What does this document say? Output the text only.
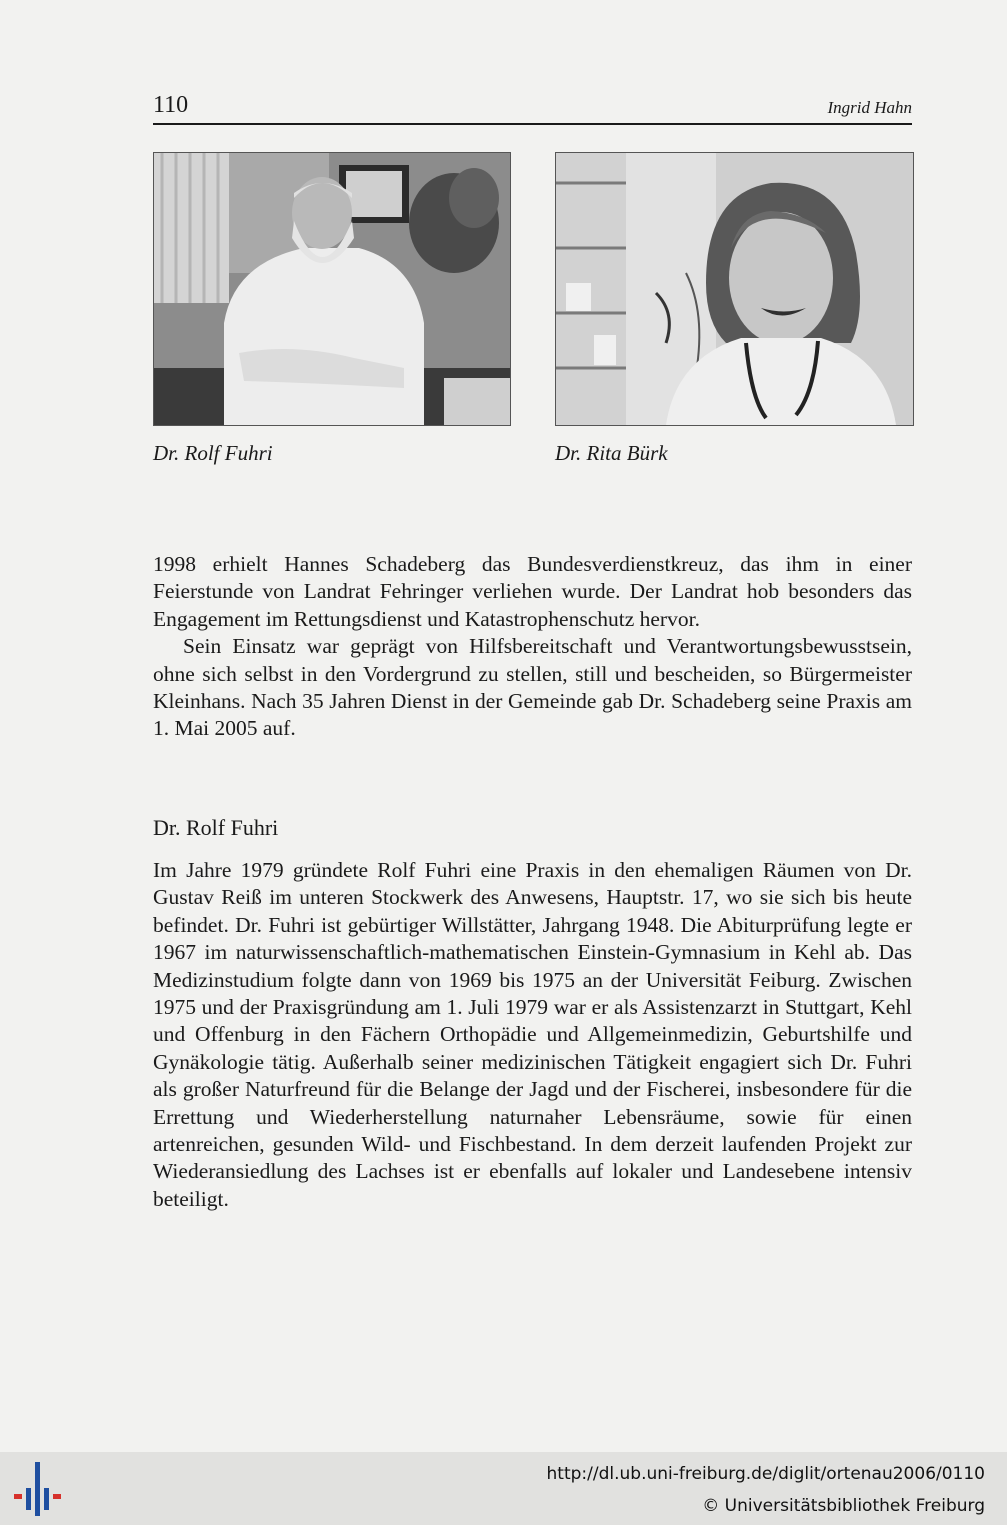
110	Ingrid Hahn
Dr. Rolf Fuhri	Dr. Rita Bürk

1998 erhielt Hannes Schadeberg das Bundesverdienstkreuz, das ihm in einer Feierstunde von Landrat Fehringer verliehen wurde. Der Landrat hob besonders das Engagement im Rettungsdienst und Katastrophenschutz hervor.

Sein Einsatz war geprägt von Hilfsbereitschaft und Verantwortungsbewusstsein, ohne sich selbst in den Vordergrund zu stellen, still und bescheiden, so Bürgermeister Kleinhans. Nach 35 Jahren Dienst in der Gemeinde gab Dr. Schadeberg seine Praxis am 1. Mai 2005 auf.

Dr. Rolf Fuhri

Im Jahre 1979 gründete Rolf Fuhri eine Praxis in den ehemaligen Räumen von Dr. Gustav Reiß im unteren Stockwerk des Anwesens, Hauptstr. 17, wo sie sich bis heute befindet. Dr. Fuhri ist gebürtiger Willstätter, Jahrgang 1948. Die Abiturprüfung legte er 1967 im naturwissenschaftlich-mathematischen Einstein-Gymnasium in Kehl ab. Das Medizinstudium folgte dann von 1969 bis 1975 an der Universität Feiburg. Zwischen 1975 und der Praxisgründung am 1. Juli 1979 war er als Assistenzarzt in Stuttgart, Kehl und Offenburg in den Fächern Orthopädie und Allgemeinmedizin, Geburtshilfe und Gynäkologie tätig. Außerhalb seiner medizinischen Tätigkeit engagiert sich Dr. Fuhri als großer Naturfreund für die Belange der Jagd und der Fischerei, insbesondere für die Errettung und Wiederherstellung naturnaher Lebensräume, sowie für einen artenreichen, gesunden Wild- und Fischbestand. In dem derzeit laufenden Projekt zur Wiederansiedlung des Lachses ist er ebenfalls auf lokaler und Landesebene intensiv beteiligt.

http://dl.ub.uni-freiburg.de/diglit/ortenau2006/0110
© Universitätsbibliothek Freiburg
